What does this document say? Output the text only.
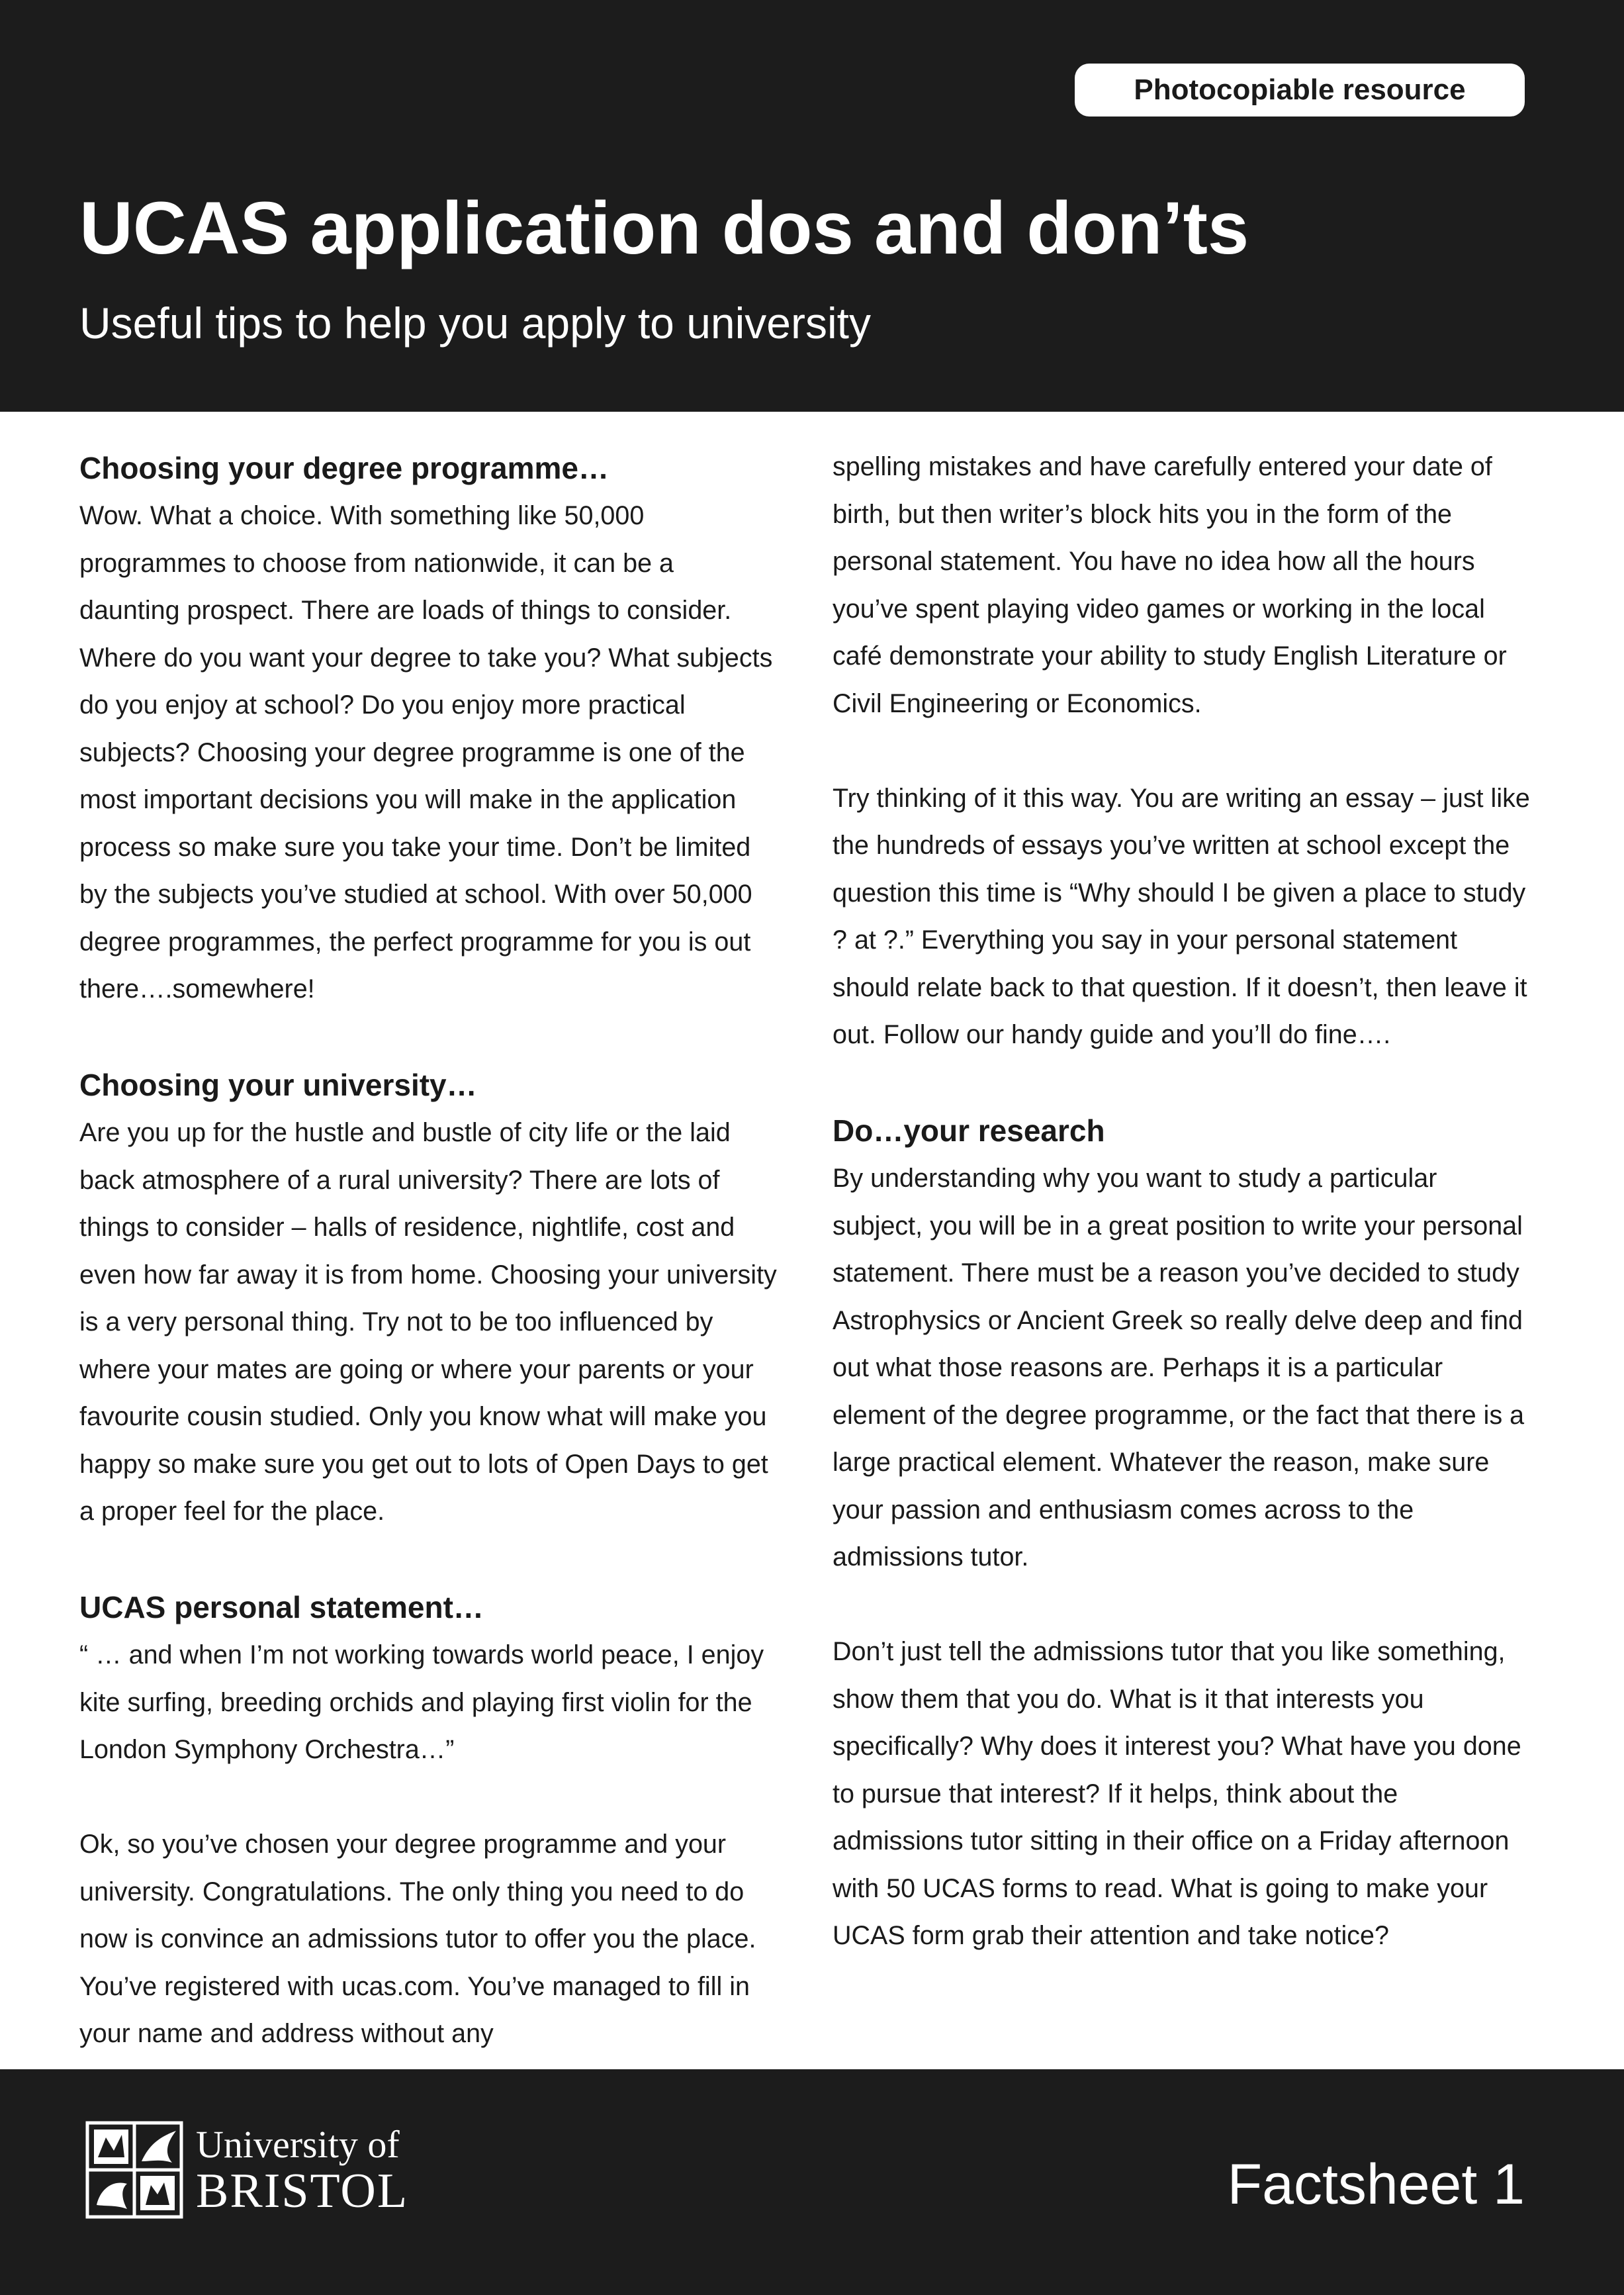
Photocopiable resource
UCAS application dos and don’ts
Useful tips to help you apply to university
Choosing your degree programme…

Wow. What a choice. With something like 50,000 programmes to choose from nationwide, it can be a daunting prospect. There are loads of things to consider. Where do you want your degree to take you? What subjects do you enjoy at school? Do you enjoy more practical subjects? Choosing your degree programme is one of the most important decisions you will make in the application process so make sure you take your time. Don’t be limited by the subjects you’ve studied at school. With over 50,000 degree programmes, the perfect programme for you is out there….somewhere!

Choosing your university…

Are you up for the hustle and bustle of city life or the laid back atmosphere of a rural university? There are lots of things to consider – halls of residence, nightlife, cost and even how far away it is from home. Choosing your university is a very personal thing. Try not to be too influenced by where your mates are going or where your parents or your favourite cousin studied. Only you know what will make you happy so make sure you get out to lots of Open Days to get a proper feel for the place.

UCAS personal statement…

“ … and when I’m not working towards world peace, I enjoy kite surfing, breeding orchids and playing first violin for the London Symphony Orchestra…”

Ok, so you’ve chosen your degree programme and your university. Congratulations. The only thing you need to do now is convince an admissions tutor to offer you the place. You’ve registered with ucas.com. You’ve managed to fill in your name and address without any

spelling mistakes and have carefully entered your date of birth, but then writer’s block hits you in the form of the personal statement. You have no idea how all the hours you’ve spent playing video games or working in the local café demonstrate your ability to study English Literature or Civil Engineering or Economics.

Try thinking of it this way. You are writing an essay – just like the hundreds of essays you’ve written at school except the question this time is “Why should I be given a place to study ? at ?.” Everything you say in your personal statement should relate back to that question. If it doesn’t, then leave it out. Follow our handy guide and you’ll do fine….

Do…your research

By understanding why you want to study a particular subject, you will be in a great position to write your personal statement. There must be a reason you’ve decided to study Astrophysics or Ancient Greek so really delve deep and find out what those reasons are. Perhaps it is a particular element of the degree programme, or the fact that there is a large practical element. Whatever the reason, make sure your passion and enthusiasm comes across to the admissions tutor.

Don’t just tell the admissions tutor that you like something, show them that you do. What is it that interests you specifically? Why does it interest you? What have you done to pursue that interest? If it helps, think about the admissions tutor sitting in their office on a Friday afternoon with 50 UCAS forms to read. What is going to make your UCAS form grab their attention and take notice?

University of
BRISTOL	Factsheet 1
